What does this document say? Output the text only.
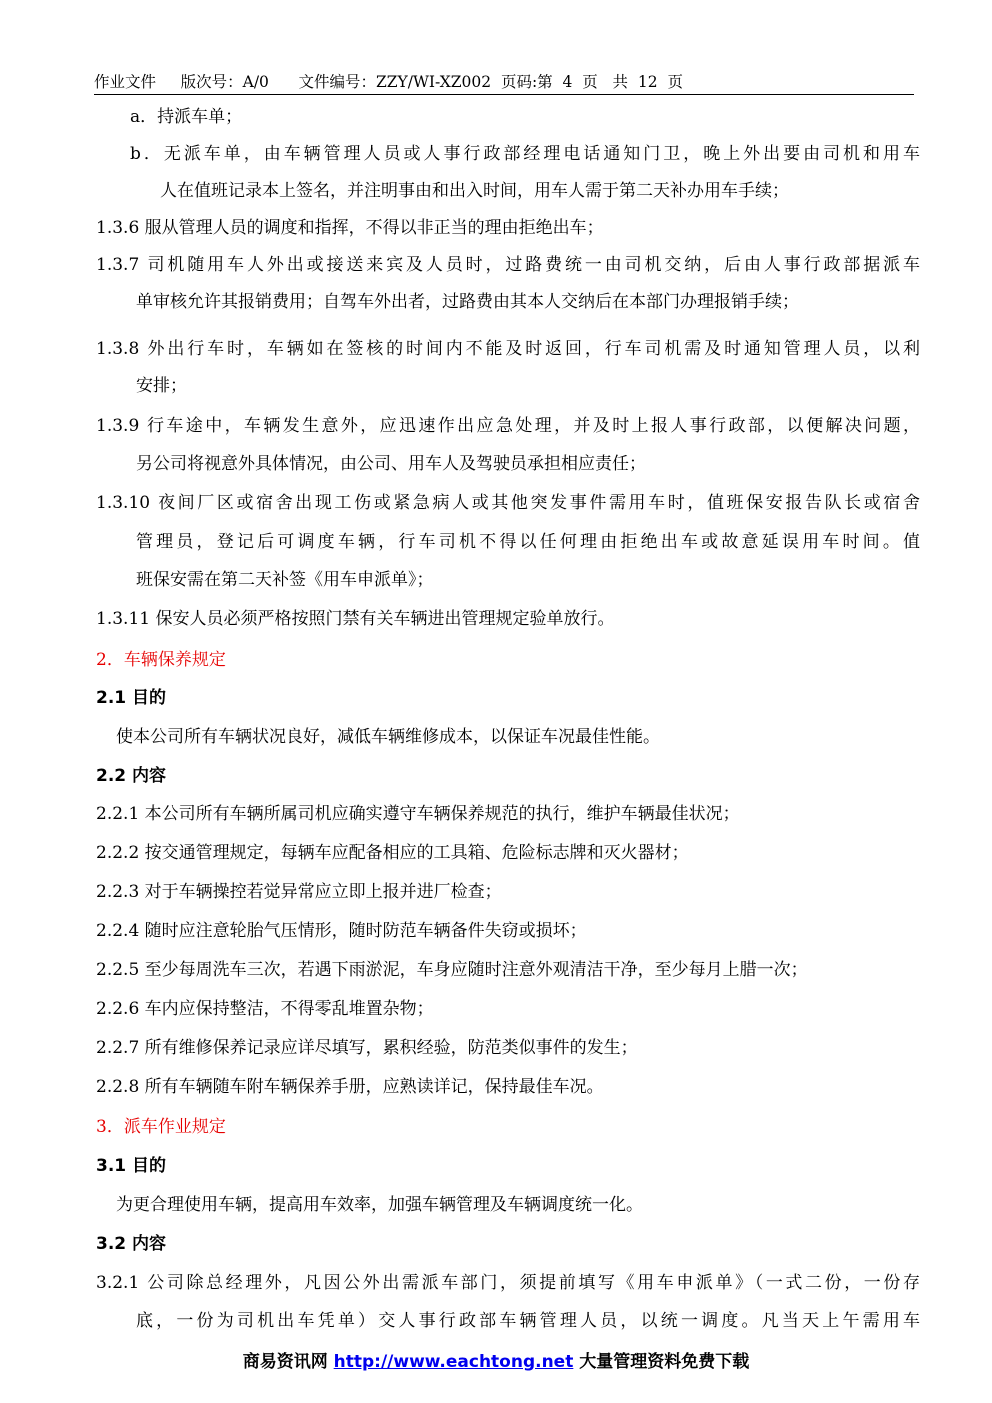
作业文件     版次号：A/0      文件编号：ZZY/WI-XZ002  页码:第  4  页   共  12  页
a．持派车单；
b．无派车单，由车辆管理人员或人事行政部经理电话通知门卫，晚上外出要由司机和用车
人在值班记录本上签名，并注明事由和出入时间，用车人需于第二天补办用车手续；
1.3.6 服从管理人员的调度和指挥，不得以非正当的理由拒绝出车；
1.3.7 司机随用车人外出或接送来宾及人员时，过路费统一由司机交纳，后由人事行政部据派车
单审核允许其报销费用；自驾车外出者，过路费由其本人交纳后在本部门办理报销手续；
1.3.8 外出行车时，车辆如在签核的时间内不能及时返回，行车司机需及时通知管理人员，以利
安排；
1.3.9 行车途中，车辆发生意外，应迅速作出应急处理，并及时上报人事行政部，以便解决问题，
另公司将视意外具体情况，由公司、用车人及驾驶员承担相应责任；
1.3.10 夜间厂区或宿舍出现工伤或紧急病人或其他突发事件需用车时，值班保安报告队长或宿舍
管理员，登记后可调度车辆，行车司机不得以任何理由拒绝出车或故意延误用车时间。值
班保安需在第二天补签《用车申派单》；
1.3.11 保安人员必须严格按照门禁有关车辆进出管理规定验单放行。
2．车辆保养规定
2.1 目的
使本公司所有车辆状况良好，减低车辆维修成本，以保证车况最佳性能。
2.2 内容
2.2.1 本公司所有车辆所属司机应确实遵守车辆保养规范的执行，维护车辆最佳状况；
2.2.2 按交通管理规定，每辆车应配备相应的工具箱、危险标志牌和灭火器材；
2.2.3 对于车辆操控若觉异常应立即上报并进厂检查；
2.2.4 随时应注意轮胎气压情形，随时防范车辆备件失窃或损坏；
2.2.5 至少每周洗车三次，若遇下雨淤泥，车身应随时注意外观清洁干净，至少每月上腊一次；
2.2.6 车内应保持整洁，不得零乱堆置杂物；
2.2.7 所有维修保养记录应详尽填写，累积经验，防范类似事件的发生；
2.2.8 所有车辆随车附车辆保养手册，应熟读详记，保持最佳车况。
3．派车作业规定
3.1 目的
为更合理使用车辆，提高用车效率，加强车辆管理及车辆调度统一化。
3.2 内容
3.2.1 公司除总经理外，凡因公外出需派车部门，须提前填写《用车申派单》（一式二份，一份存
底，一份为司机出车凭单）交人事行政部车辆管理人员，以统一调度。凡当天上午需用车
商易资讯网 http://www.eachtong.net 大量管理资料免费下载
